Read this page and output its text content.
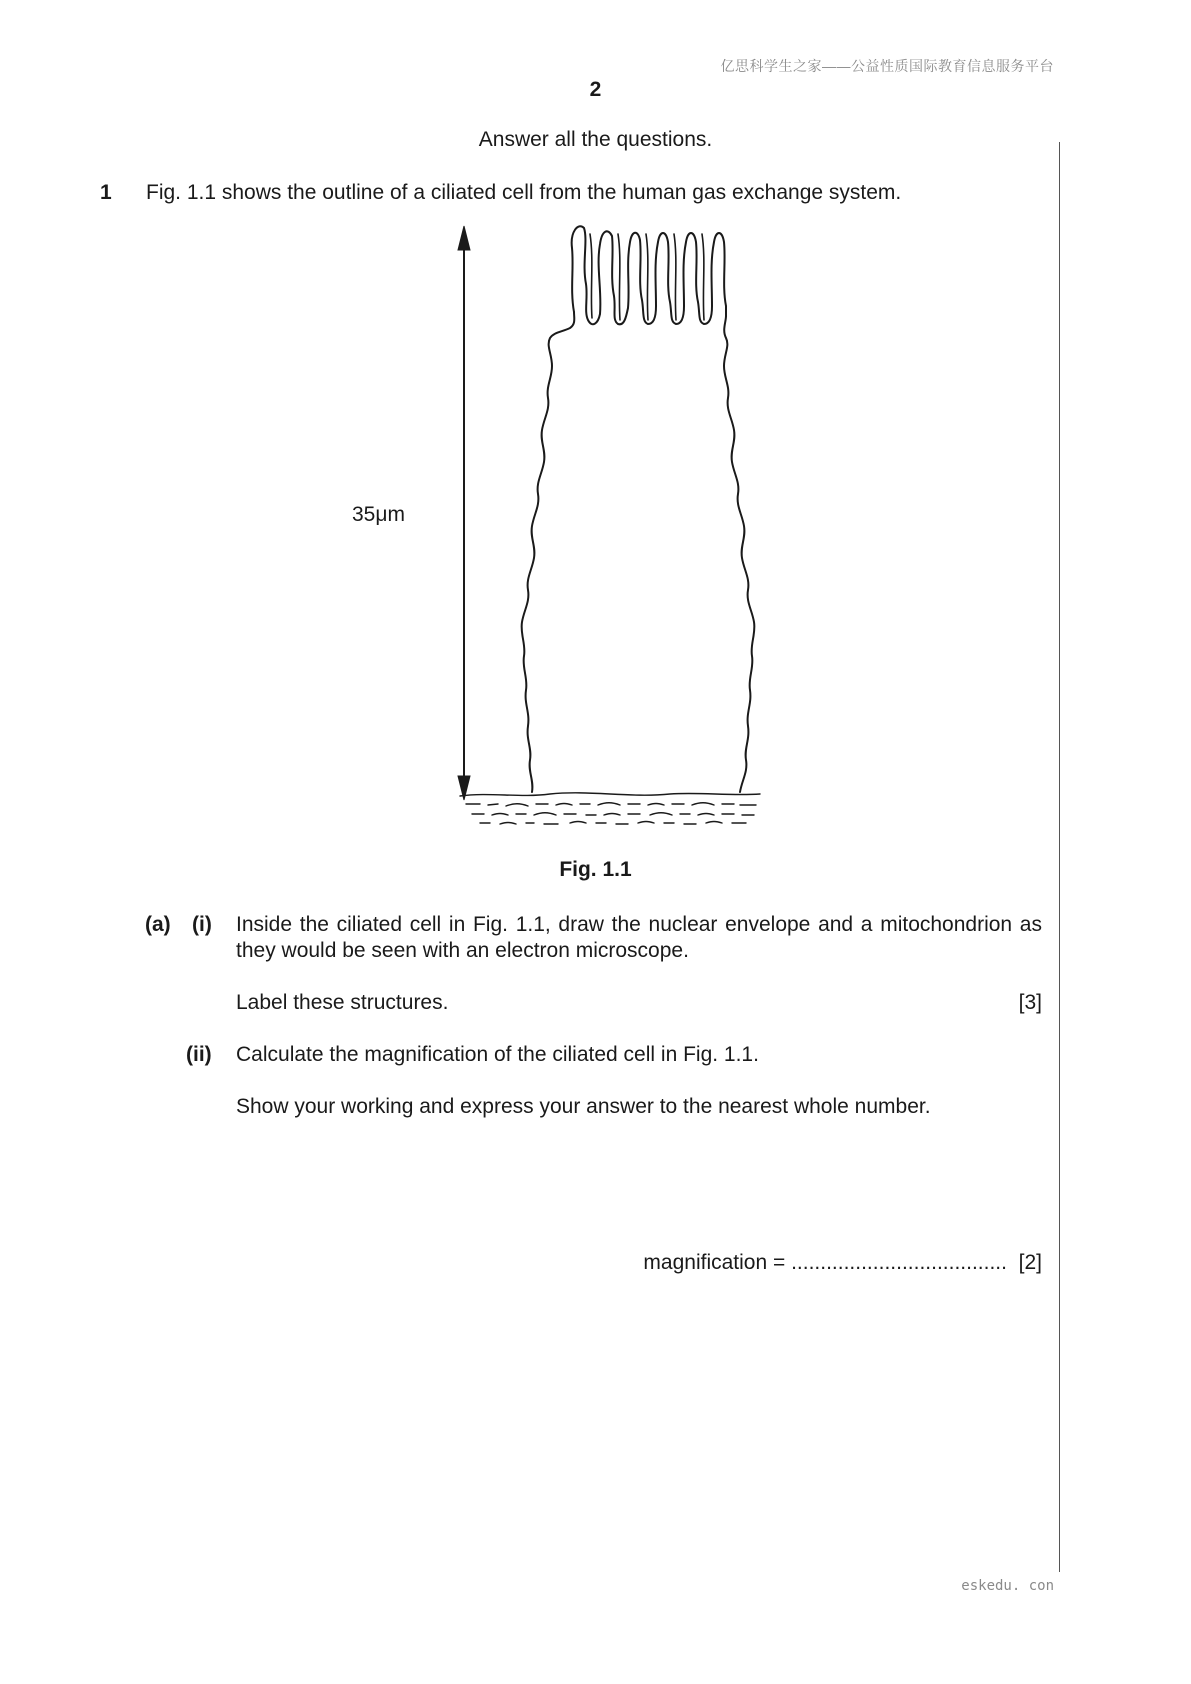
亿思科学生之家——公益性质国际教育信息服务平台
2
Answer all the questions.
1 Fig. 1.1 shows the outline of a ciliated cell from the human gas exchange system.
35μm
Fig. 1.1
(a) (i) Inside the ciliated cell in Fig. 1.1, draw the nuclear envelope and a mitochondrion as they would be seen with an electron microscope.
Label these structures.	[3]
(ii) Calculate the magnification of the ciliated cell in Fig. 1.1.
Show your working and express your answer to the nearest whole number.
magnification = ..................................... [2]
eskedu. con
